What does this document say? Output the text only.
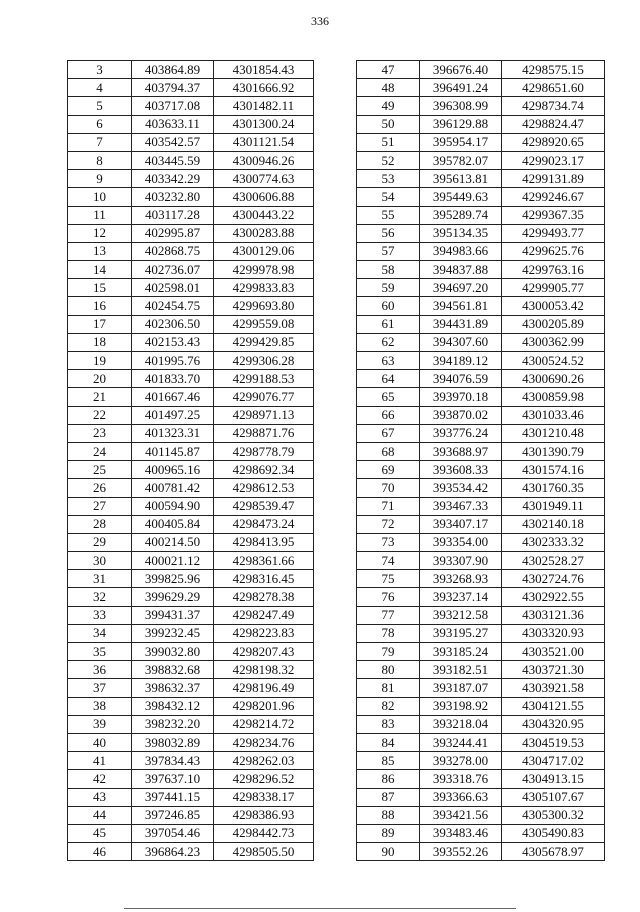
336
3	403864.89	4301854.43
4	403794.37	4301666.92
5	403717.08	4301482.11
6	403633.11	4301300.24
7	403542.57	4301121.54
8	403445.59	4300946.26
9	403342.29	4300774.63
10	403232.80	4300606.88
11	403117.28	4300443.22
12	402995.87	4300283.88
13	402868.75	4300129.06
14	402736.07	4299978.98
15	402598.01	4299833.83
16	402454.75	4299693.80
17	402306.50	4299559.08
18	402153.43	4299429.85
19	401995.76	4299306.28
20	401833.70	4299188.53
21	401667.46	4299076.77
22	401497.25	4298971.13
23	401323.31	4298871.76
24	401145.87	4298778.79
25	400965.16	4298692.34
26	400781.42	4298612.53
27	400594.90	4298539.47
28	400405.84	4298473.24
29	400214.50	4298413.95
30	400021.12	4298361.66
31	399825.96	4298316.45
32	399629.29	4298278.38
33	399431.37	4298247.49
34	399232.45	4298223.83
35	399032.80	4298207.43
36	398832.68	4298198.32
37	398632.37	4298196.49
38	398432.12	4298201.96
39	398232.20	4298214.72
40	398032.89	4298234.76
41	397834.43	4298262.03
42	397637.10	4298296.52
43	397441.15	4298338.17
44	397246.85	4298386.93
45	397054.46	4298442.73
46	396864.23	4298505.50
47	396676.40	4298575.15
48	396491.24	4298651.60
49	396308.99	4298734.74
50	396129.88	4298824.47
51	395954.17	4298920.65
52	395782.07	4299023.17
53	395613.81	4299131.89
54	395449.63	4299246.67
55	395289.74	4299367.35
56	395134.35	4299493.77
57	394983.66	4299625.76
58	394837.88	4299763.16
59	394697.20	4299905.77
60	394561.81	4300053.42
61	394431.89	4300205.89
62	394307.60	4300362.99
63	394189.12	4300524.52
64	394076.59	4300690.26
65	393970.18	4300859.98
66	393870.02	4301033.46
67	393776.24	4301210.48
68	393688.97	4301390.79
69	393608.33	4301574.16
70	393534.42	4301760.35
71	393467.33	4301949.11
72	393407.17	4302140.18
73	393354.00	4302333.32
74	393307.90	4302528.27
75	393268.93	4302724.76
76	393237.14	4302922.55
77	393212.58	4303121.36
78	393195.27	4303320.93
79	393185.24	4303521.00
80	393182.51	4303721.30
81	393187.07	4303921.58
82	393198.92	4304121.55
83	393218.04	4304320.95
84	393244.41	4304519.53
85	393278.00	4304717.02
86	393318.76	4304913.15
87	393366.63	4305107.67
88	393421.56	4305300.32
89	393483.46	4305490.83
90	393552.26	4305678.97
